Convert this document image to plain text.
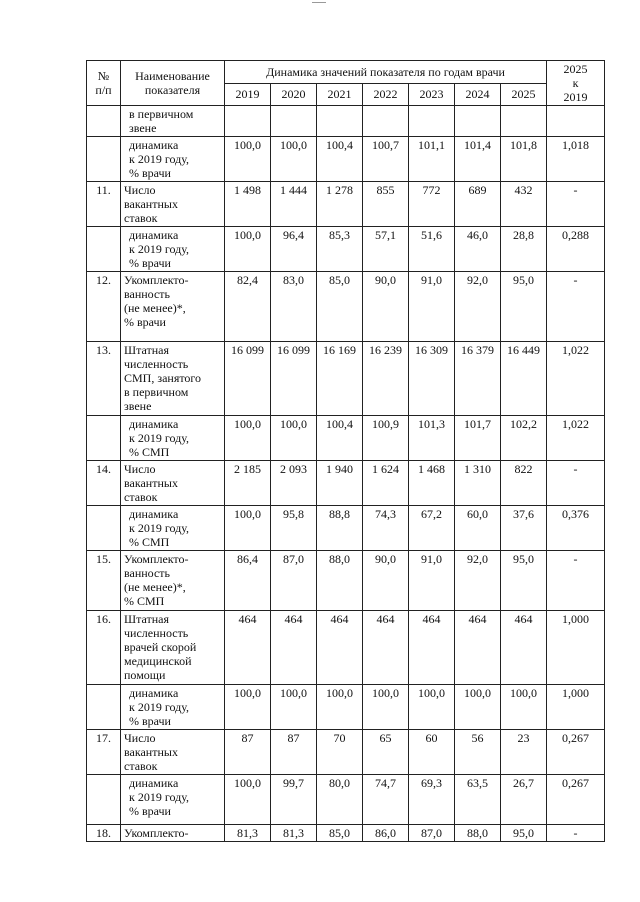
№
п/п	Наименование
показателя	Динамика значений показателя по годам врачи							2025
к
2019
		2019	2020	2021	2022	2023	2024	2025	
	в первичном
звене								
	динамика
к 2019 году,
% врачи	100,0	100,0	100,4	100,7	101,1	101,4	101,8	1,018
11.	Число
вакантных
ставок	1 498	1 444	1 278	855	772	689	432	-
	динамика
к 2019 году,
% врачи	100,0	96,4	85,3	57,1	51,6	46,0	28,8	0,288
12.	Укомплекто-
ванность
(не менее)*,
% врачи	82,4	83,0	85,0	90,0	91,0	92,0	95,0	-
13.	Штатная
численность
СМП, занятого
в первичном
звене	16 099	16 099	16 169	16 239	16 309	16 379	16 449	1,022
	динамика
к 2019 году,
% СМП	100,0	100,0	100,4	100,9	101,3	101,7	102,2	1,022
14.	Число
вакантных
ставок	2 185	2 093	1 940	1 624	1 468	1 310	822	-
	динамика
к 2019 году,
% СМП	100,0	95,8	88,8	74,3	67,2	60,0	37,6	0,376
15.	Укомплекто-
ванность
(не менее)*,
% СМП	86,4	87,0	88,0	90,0	91,0	92,0	95,0	-
16.	Штатная
численность
врачей скорой
медицинской
помощи	464	464	464	464	464	464	464	1,000
	динамика
к 2019 году,
% врачи	100,0	100,0	100,0	100,0	100,0	100,0	100,0	1,000
17.	Число
вакантных
ставок	87	87	70	65	60	56	23	0,267
	динамика
к 2019 году,
% врачи	100,0	99,7	80,0	74,7	69,3	63,5	26,7	0,267
18.	Укомплекто-	81,3	81,3	85,0	86,0	87,0	88,0	95,0	-
